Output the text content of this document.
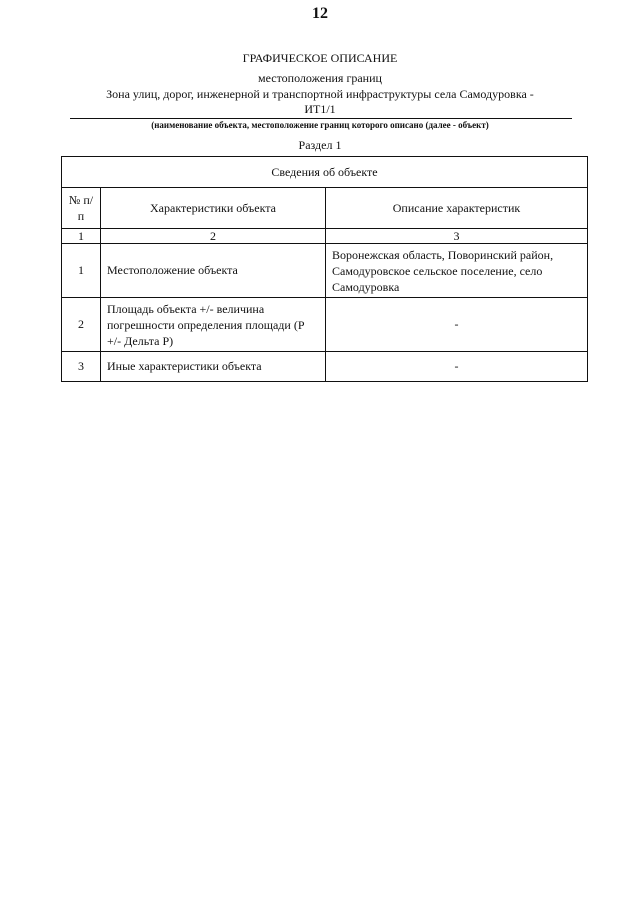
12
ГРАФИЧЕСКОЕ ОПИСАНИЕ
местоположения границ
Зона улиц, дорог, инженерной и транспортной инфраструктуры села Самодуровка -
ИТ1/1
(наименование объекта, местоположение границ которого описано (далее - объект)
Раздел 1
Сведения об объекте		
№ п/п	Характеристики объекта	Описание характеристик
1	2	3
1	Местоположение объекта	Воронежская область, Поворинский район, Самодуровское сельское поселение, село Самодуровка
2	Площадь объекта +/- величина погрешности определения площади (Р +/- Дельта Р)	-
3	Иные характеристики объекта	-
